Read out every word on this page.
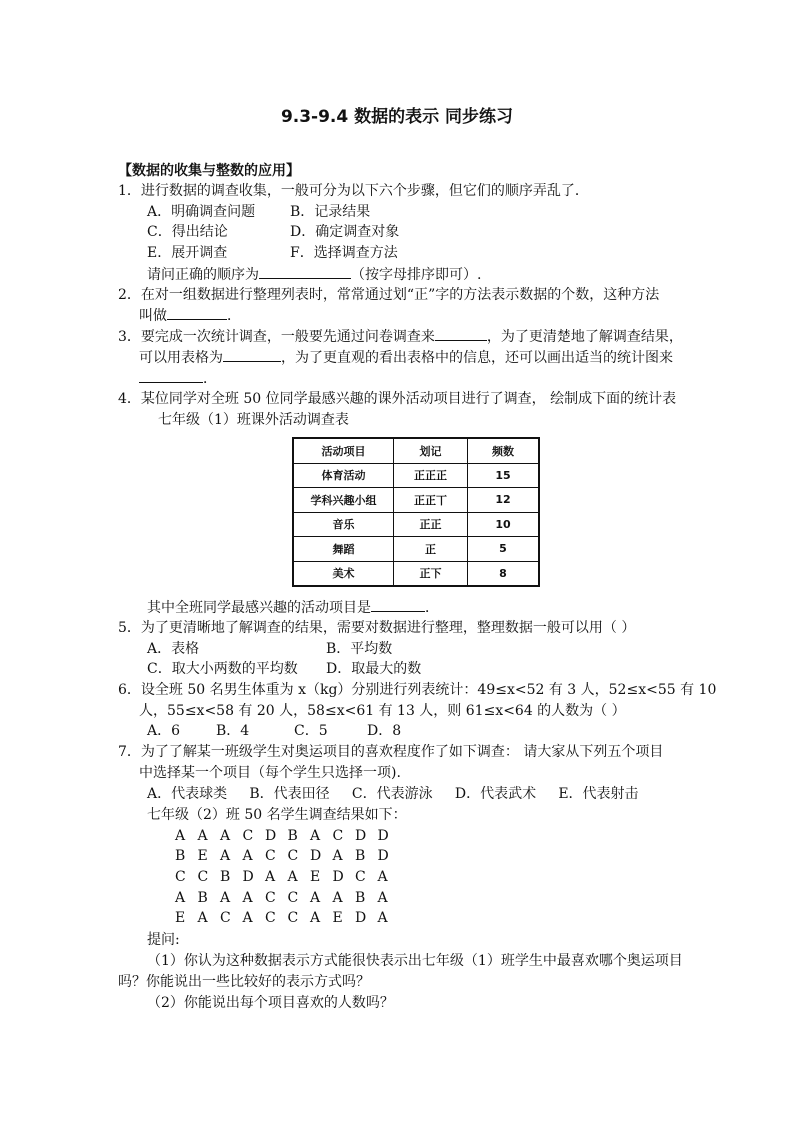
9.3-9.4 数据的表示 同步练习
【数据的收集与整数的应用】
1．进行数据的调查收集，一般可分为以下六个步骤，但它们的顺序弄乱了．
A．明确调查问题 B．记录结果
C．得出结论	D．确定调查对象
E．展开调查	F．选择调查方法
请问正确的顺序为	（按字母排序即可）.
2．在对一组数据进行整理列表时，常常通过划“正”字的方法表示数据的个数，这种方法
叫做	．
3．要完成一次统计调查，一般要先通过问卷调查来	，为了更清楚地了解调查结果，
可以用表格为	，为了更直观的看出表格中的信息，还可以画出适当的统计图来
．
4．某位同学对全班 50 位同学最感兴趣的课外活动项目进行了调查， 绘制成下面的统计表
七年级（1）班课外活动调查表
活动项目	划记	频数
体育活动	正正正	15
学科兴趣小组	正正丅	12
音乐	正正	10
舞蹈	正	5
美术	正下	8
其中全班同学最感兴趣的活动项目是	．
5．为了更清晰地了解调查的结果，需要对数据进行整理，整理数据一般可以用（ ）
A．表格	B．平均数
C．取大小两数的平均数 D．取最大的数
6．设全班 50 名男生体重为 x（kg）分别进行列表统计：49≤x<52 有 3 人，52≤x<55 有 10
人，55≤x<58 有 20 人，58≤x<61 有 13 人，则 61≤x<64 的人数为（ ）
A．6	B．4	C．5	D．8
7．为了了解某一班级学生对奥运项目的喜欢程度作了如下调查： 请大家从下列五个项目
中选择某一个项目（每个学生只选择一项).
A．代表球类     B．代表田径     C．代表游泳     D．代表武术     E．代表射击
七年级（2）班 50 名学生调查结果如下：
A A A C D B A C D D
B E A A C C D A B D
C C B D A A E D C A
A B A A C C A A B A
E A C A C C A E D A
提问:
（1）你认为这种数据表示方式能很快表示出七年级（1）班学生中最喜欢哪个奥运项目
吗？你能说出一些比较好的表示方式吗？
（2）你能说出每个项目喜欢的人数吗？
